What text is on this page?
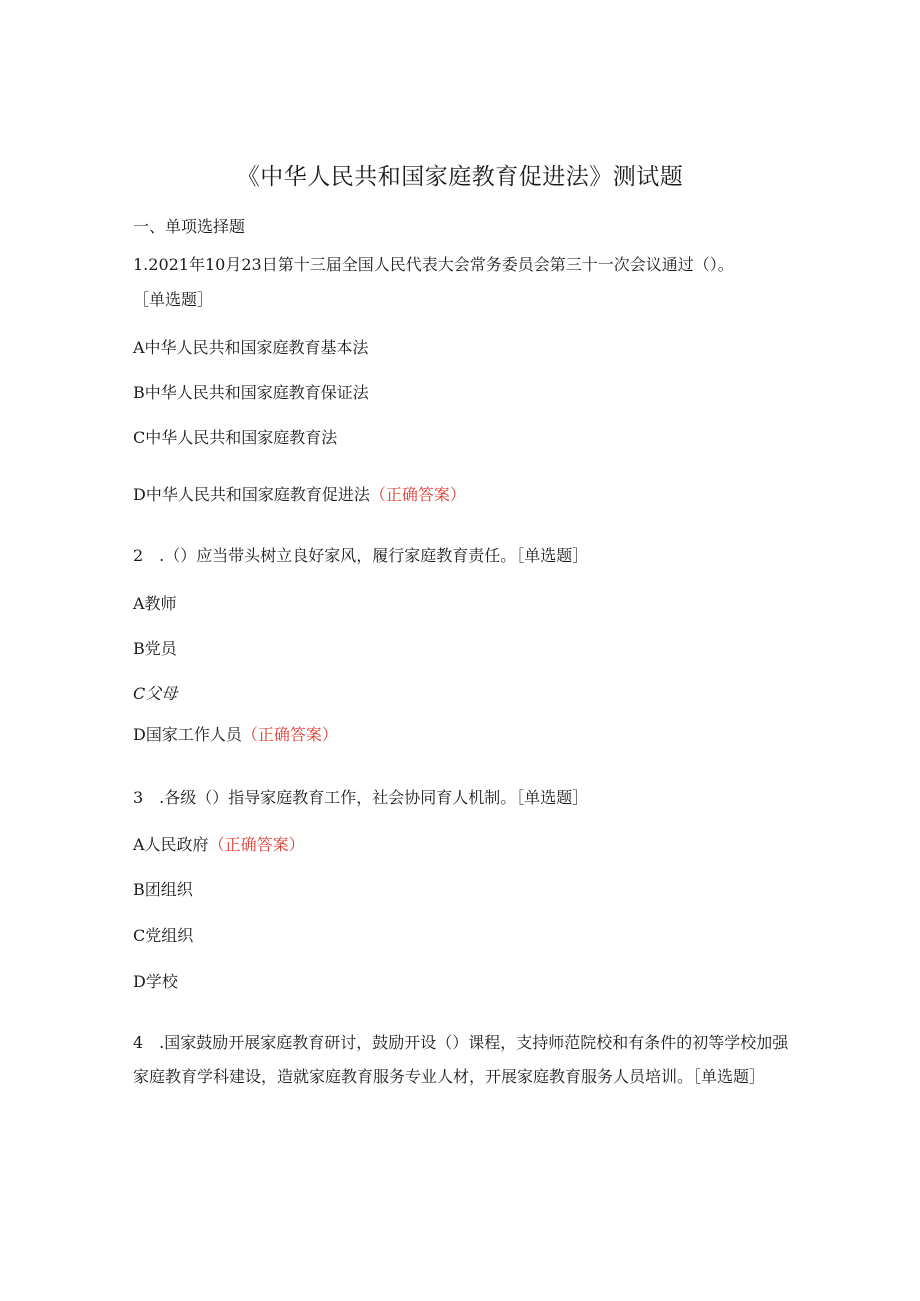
《中华人民共和国家庭教育促进法》测试题
一、单项选择题
1.2021年10月23日第十三届全国人民代表大会常务委员会第三十一次会议通过（）。
［单选题］
A中华人民共和国家庭教育基本法
B中华人民共和国家庭教育保证法
C中华人民共和国家庭教育法
D中华人民共和国家庭教育促进法（正确答案）
2　.（）应当带头树立良好家风，履行家庭教育责任。［单选题］
A教师
B党员
C父母
D国家工作人员（正确答案）
3　.各级（）指导家庭教育工作，社会协同育人机制。［单选题］
A人民政府（正确答案）
B团组织
C党组织
D学校
4　.国家鼓励开展家庭教育研讨，鼓励开设（）课程，支持师范院校和有条件的初等学校加强家庭教育学科建设，造就家庭教育服务专业人材，开展家庭教育服务人员培训。［单选题］
